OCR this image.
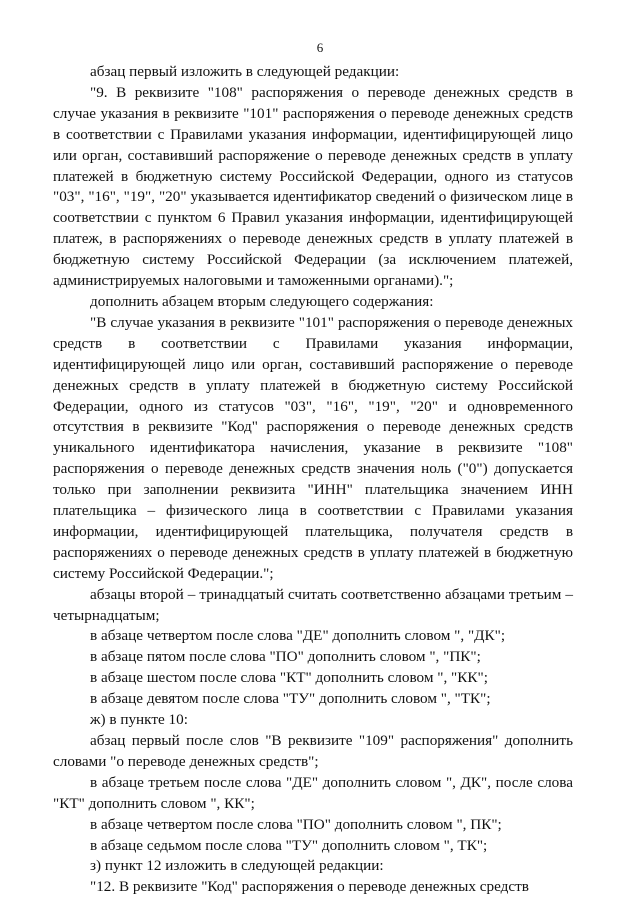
6

абзац первый изложить в следующей редакции:

"9. В реквизите "108" распоряжения о переводе денежных средств в случае указания в реквизите "101" распоряжения о переводе денежных средств в соответствии с Правилами указания информации, идентифицирующей лицо или орган, составивший распоряжение о переводе денежных средств в уплату платежей в бюджетную систему Российской Федерации, одного из статусов "03", "16", "19", "20" указывается идентификатор сведений о физическом лице в соответствии с пунктом 6 Правил указания информации, идентифицирующей платеж, в распоряжениях о переводе денежных средств в уплату платежей в бюджетную систему Российской Федерации (за исключением платежей, администрируемых налоговыми и таможенными органами).";

дополнить абзацем вторым следующего содержания:

"В случае указания в реквизите "101" распоряжения о переводе денежных средств в соответствии с Правилами указания информации, идентифицирующей лицо или орган, составивший распоряжение о переводе денежных средств в уплату платежей в бюджетную систему Российской Федерации, одного из статусов "03", "16", "19", "20" и одновременного отсутствия в реквизите "Код" распоряжения о переводе денежных средств уникального идентификатора начисления, указание в реквизите "108" распоряжения о переводе денежных средств значения ноль ("0") допускается только при заполнении реквизита "ИНН" плательщика значением ИНН плательщика – физического лица в соответствии с Правилами указания информации, идентифицирующей плательщика, получателя средств в распоряжениях о переводе денежных средств в уплату платежей в бюджетную систему Российской Федерации.";

абзацы второй – тринадцатый считать соответственно абзацами третьим – четырнадцатым;

в абзаце четвертом после слова "ДЕ" дополнить словом ", "ДК";

в абзаце пятом после слова "ПО" дополнить словом ", "ПК";

в абзаце шестом после слова "КТ" дополнить словом ", "КК";

в абзаце девятом после слова "ТУ" дополнить словом ", "ТК";

ж) в пункте 10:

абзац первый после слов "В реквизите "109" распоряжения" дополнить словами "о переводе денежных средств";

в абзаце третьем после слова "ДЕ" дополнить словом ", ДК", после слова "КТ" дополнить словом ", КК";

в абзаце четвертом после слова "ПО" дополнить словом ", ПК";

в абзаце седьмом после слова "ТУ" дополнить словом ", ТК";

з) пункт 12 изложить в следующей редакции:

"12. В реквизите "Код" распоряжения о переводе денежных средств
